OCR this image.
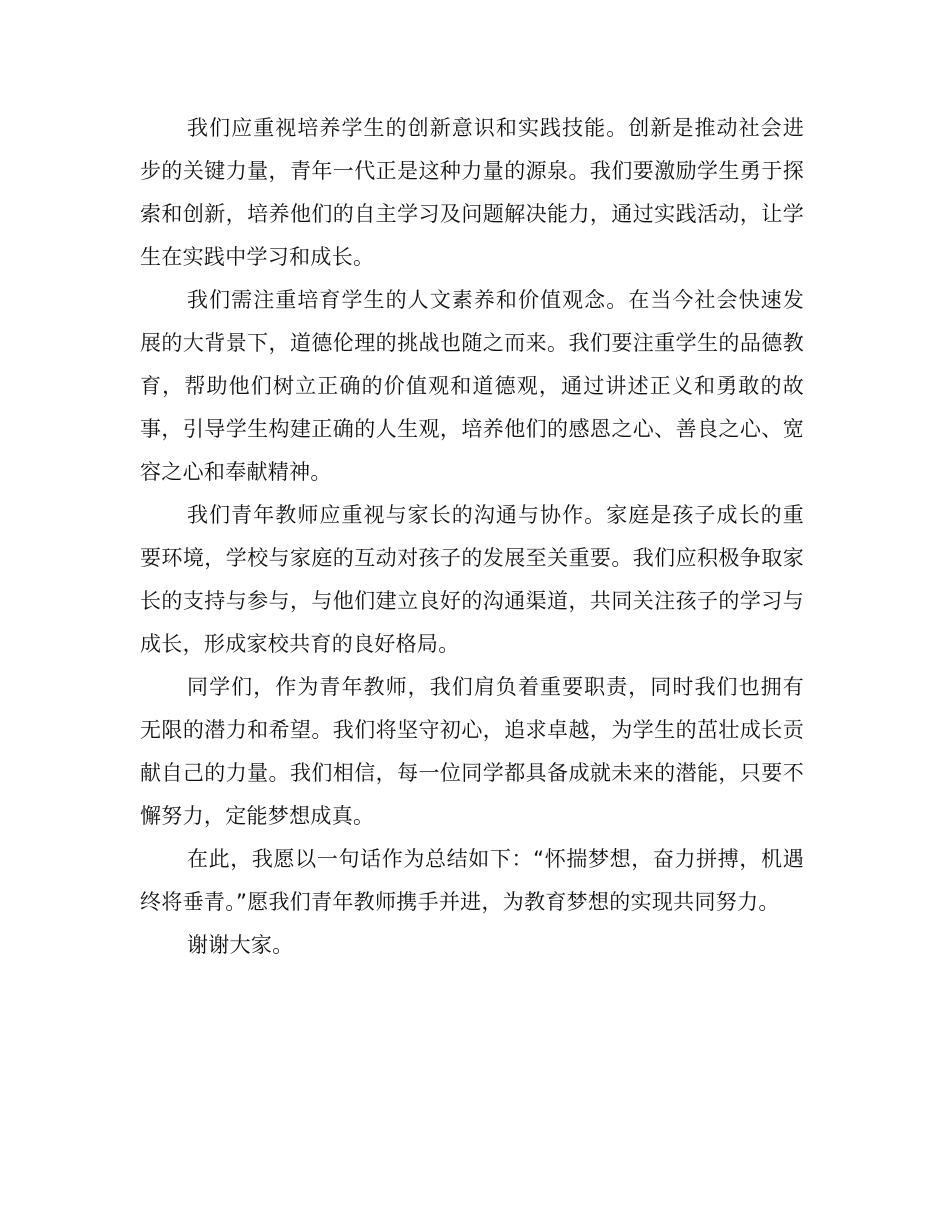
我们应重视培养学生的创新意识和实践技能。创新是推动社会进步的关键力量，青年一代正是这种力量的源泉。我们要激励学生勇于探索和创新，培养他们的自主学习及问题解决能力，通过实践活动，让学生在实践中学习和成长。

我们需注重培育学生的人文素养和价值观念。在当今社会快速发展的大背景下，道德伦理的挑战也随之而来。我们要注重学生的品德教育，帮助他们树立正确的价值观和道德观，通过讲述正义和勇敢的故事，引导学生构建正确的人生观，培养他们的感恩之心、善良之心、宽容之心和奉献精神。

我们青年教师应重视与家长的沟通与协作。家庭是孩子成长的重要环境，学校与家庭的互动对孩子的发展至关重要。我们应积极争取家长的支持与参与，与他们建立良好的沟通渠道，共同关注孩子的学习与成长，形成家校共育的良好格局。

同学们，作为青年教师，我们肩负着重要职责，同时我们也拥有无限的潜力和希望。我们将坚守初心，追求卓越，为学生的茁壮成长贡献自己的力量。我们相信，每一位同学都具备成就未来的潜能，只要不懈努力，定能梦想成真。

在此，我愿以一句话作为总结如下：“怀揣梦想，奋力拼搏，机遇终将垂青。”愿我们青年教师携手并进，为教育梦想的实现共同努力。

谢谢大家。
